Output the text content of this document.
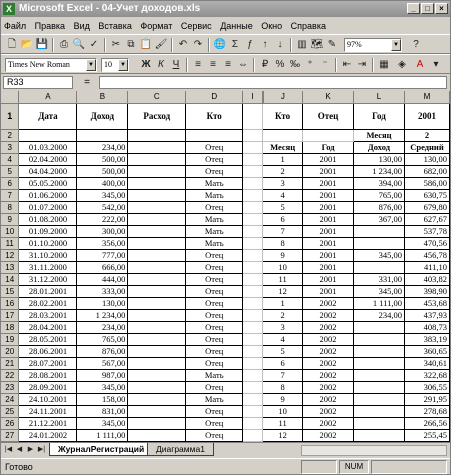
X Microsoft Excel - 04-Учет доходов.xls	_	□	×
Файл Правка Вид Вставка Формат Сервис Данные Окно Справка
🗋 📂 💾	⎙ 🔍 ✓ ✂ ⧉ 📋 🖌 ↶ ↷ 🌐 Σ ƒ ↑	↓	▥ 🗺 ✎	97%	▼	?
Times New Roman	▼	10	▼ Ж К Ч	≡ ≡ ≡ ⇔	₽ % ‰ ⁺ ⁻	⇤ ⇥ ▦ ◈	A	▾
R33	=
	A	B	C	D	I	J	K	L	M
1	Дата	Доход	Расход	Кто		Кто	Отец	Год	2001
2								Месяц	2
3	01.03.2000	234,00		Отец		Месяц	Год	Доход	Средний
4	02.04.2000	500,00		Отец		1	2001	130,00	130,00
5	04.04.2000	500,00		Отец		2	2001	1 234,00	682,00
6	05.05.2000	400,00		Мать		3	2001	394,00	586,00
7	01.06.2000	345,00		Мать		4	2001	765,00	630,75
8	01.07.2000	542,00		Отец		5	2001	876,00	679,80
9	01.08.2000	222,00		Мать		6	2001	367,00	627,67
10	01.09.2000	300,00		Мать		7	2001		537,78
11	01.10.2000	356,00		Мать		8	2001		470,56
12	31.10.2000	777,00		Отец		9	2001	345,00	456,78
13	31.11.2000	666,00		Отец		10	2001		411,10
14	31.12.2000	444,00		Отец		11	2001	331,00	403,82
15	28.01.2001	333,00		Отец		12	2001	345,00	398,90
16	28.02.2001	130,00		Отец		1	2002	1 111,00	453,68
17	28.03.2001	1 234,00		Отец		2	2002	234,00	437,93
18	28.04.2001	234,00		Отец		3	2002		408,73
19	28.05.2001	765,00		Отец		4	2002		383,19
20	28.06.2001	876,00		Отец		5	2002		360,65
21	28.07.2001	567,00		Отец		6	2002		340,61
22	28.08.2001	987,00		Мать		7	2002		322,68
23	28.09.2001	345,00		Отец		8	2002		306,55
24	24.10.2001	158,00		Мать		9	2002		291,95
25	24.11.2001	831,00		Отец		10	2002		278,68
26	21.12.2001	345,00		Отец		11	2002		266,56
27	24.01.2002	1 111,00		Отец		12	2002		255,45

|◀ ◀ ▶ ▶|	ЖурналРегистраций	Диаграмма1
Готово	NUM
